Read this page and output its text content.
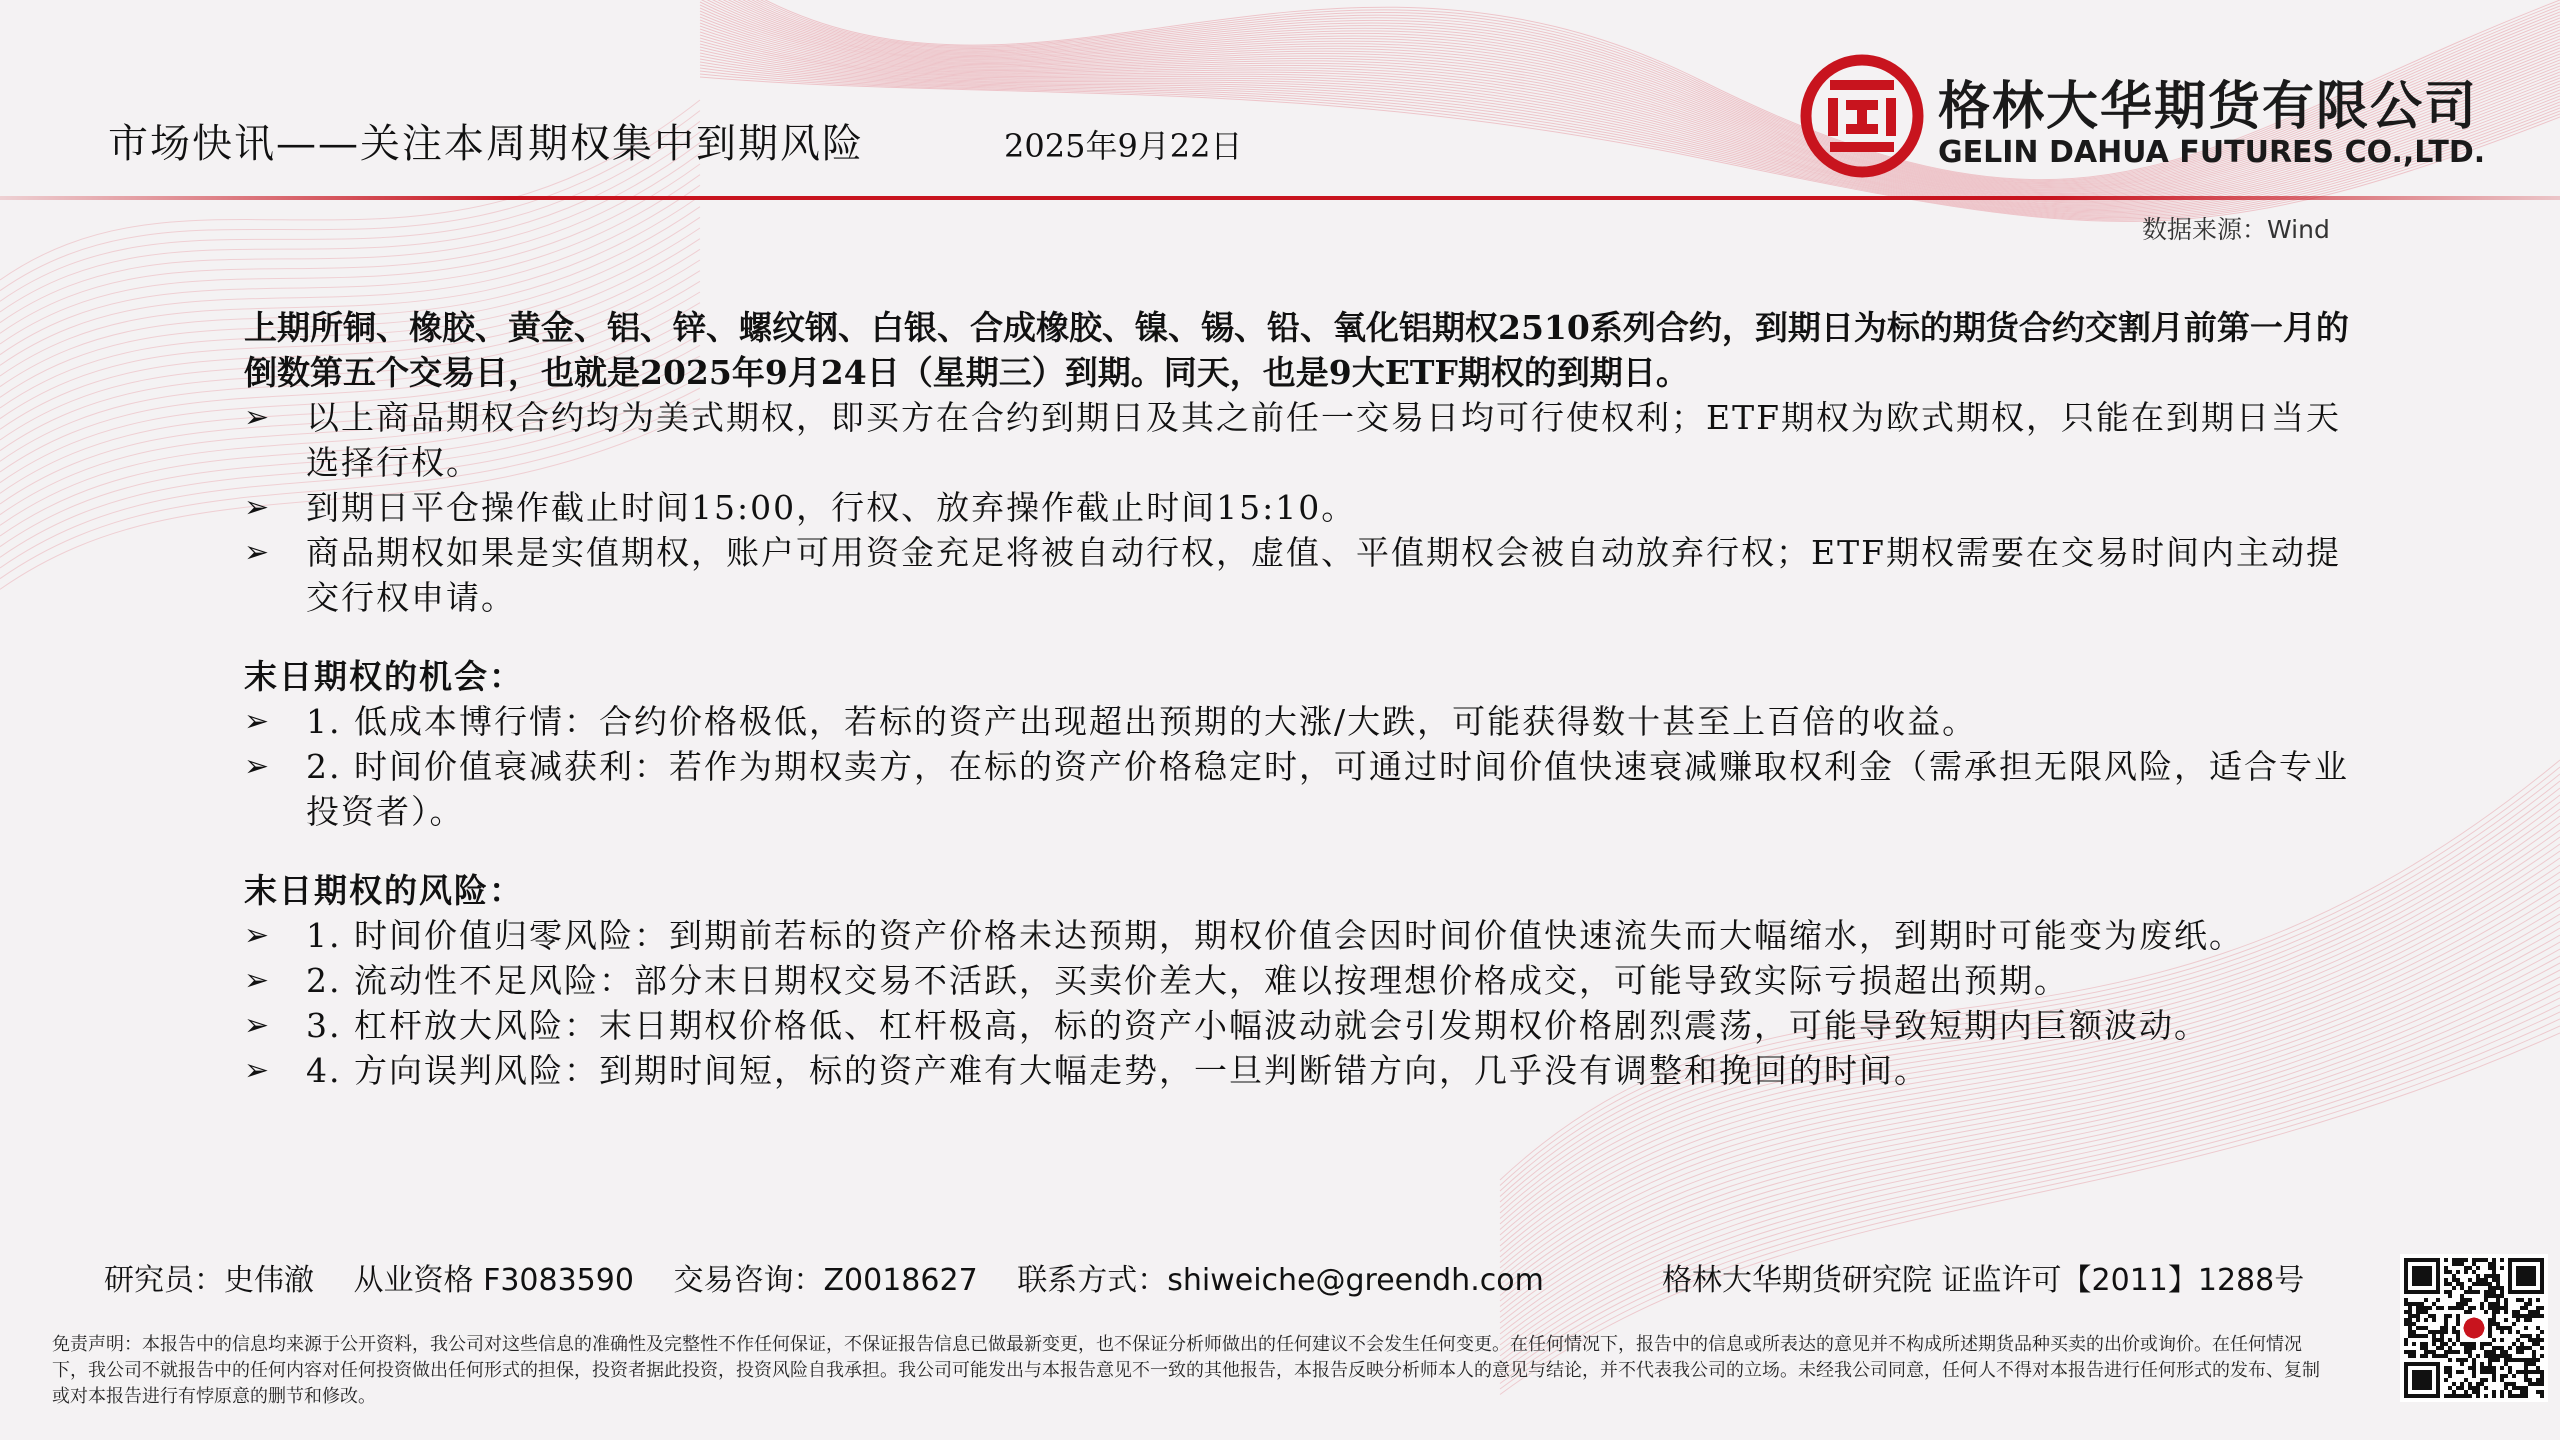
市场快讯——关注本周期权集中到期风险	2025年9月22日
格林大华期货有限公司
GELIN DAHUA FUTURES CO.,LTD.
数据来源：Wind

上期所铜、橡胶、黄金、铝、锌、螺纹钢、白银、合成橡胶、镍、锡、铅、氧化铝期权2510系列合约，到期日为标的期货合约交割月前第一月的倒数第五个交易日，也就是2025年9月24日（星期三）到期。同天，也是9大ETF期权的到期日。

➢ 以上商品期权合约均为美式期权，即买方在合约到期日及其之前任一交易日均可行使权利；ETF期权为欧式期权，只能在到期日当天选择行权。
➢ 到期日平仓操作截止时间15:00，行权、放弃操作截止时间15:10。
➢ 商品期权如果是实值期权，账户可用资金充足将被自动行权，虚值、平值期权会被自动放弃行权；ETF期权需要在交易时间内主动提交行权申请。
末日期权的机会：
➢ 1. 低成本博行情：合约价格极低，若标的资产出现超出预期的大涨/大跌，可能获得数十甚至上百倍的收益。
➢ 2. 时间价值衰减获利：若作为期权卖方，在标的资产价格稳定时，可通过时间价值快速衰减赚取权利金（需承担无限风险，适合专业投资者）。
末日期权的风险：
➢ 1. 时间价值归零风险：到期前若标的资产价格未达预期，期权价值会因时间价值快速流失而大幅缩水，到期时可能变为废纸。
➢ 2. 流动性不足风险：部分末日期权交易不活跃，买卖价差大，难以按理想价格成交，可能导致实际亏损超出预期。
➢ 3. 杠杆放大风险：末日期权价格低、杠杆极高，标的资产小幅波动就会引发期权价格剧烈震荡，可能导致短期内巨额波动。
➢ 4. 方向误判风险：到期时间短，标的资产难有大幅走势，一旦判断错方向，几乎没有调整和挽回的时间。
研究员：史伟澈 从业资格 F3083590 交易咨询：Z0018627 联系方式：shiweiche@greendh.com	格林大华期货研究院 证监许可【2011】1288号
免责声明：本报告中的信息均来源于公开资料，我公司对这些信息的准确性及完整性不作任何保证，不保证报告信息已做最新变更，也不保证分析师做出的任何建议不会发生任何变更。在任何情况下，报告中的信息或所表达的意见并不构成所述期货品种买卖的出价或询价。在任何情况下，我公司不就报告中的任何内容对任何投资做出任何形式的担保，投资者据此投资，投资风险自我承担。我公司可能发出与本报告意见不一致的其他报告，本报告反映分析师本人的意见与结论，并不代表我公司的立场。未经我公司同意，任何人不得对本报告进行任何形式的发布、复制或对本报告进行有悖原意的删节和修改。
